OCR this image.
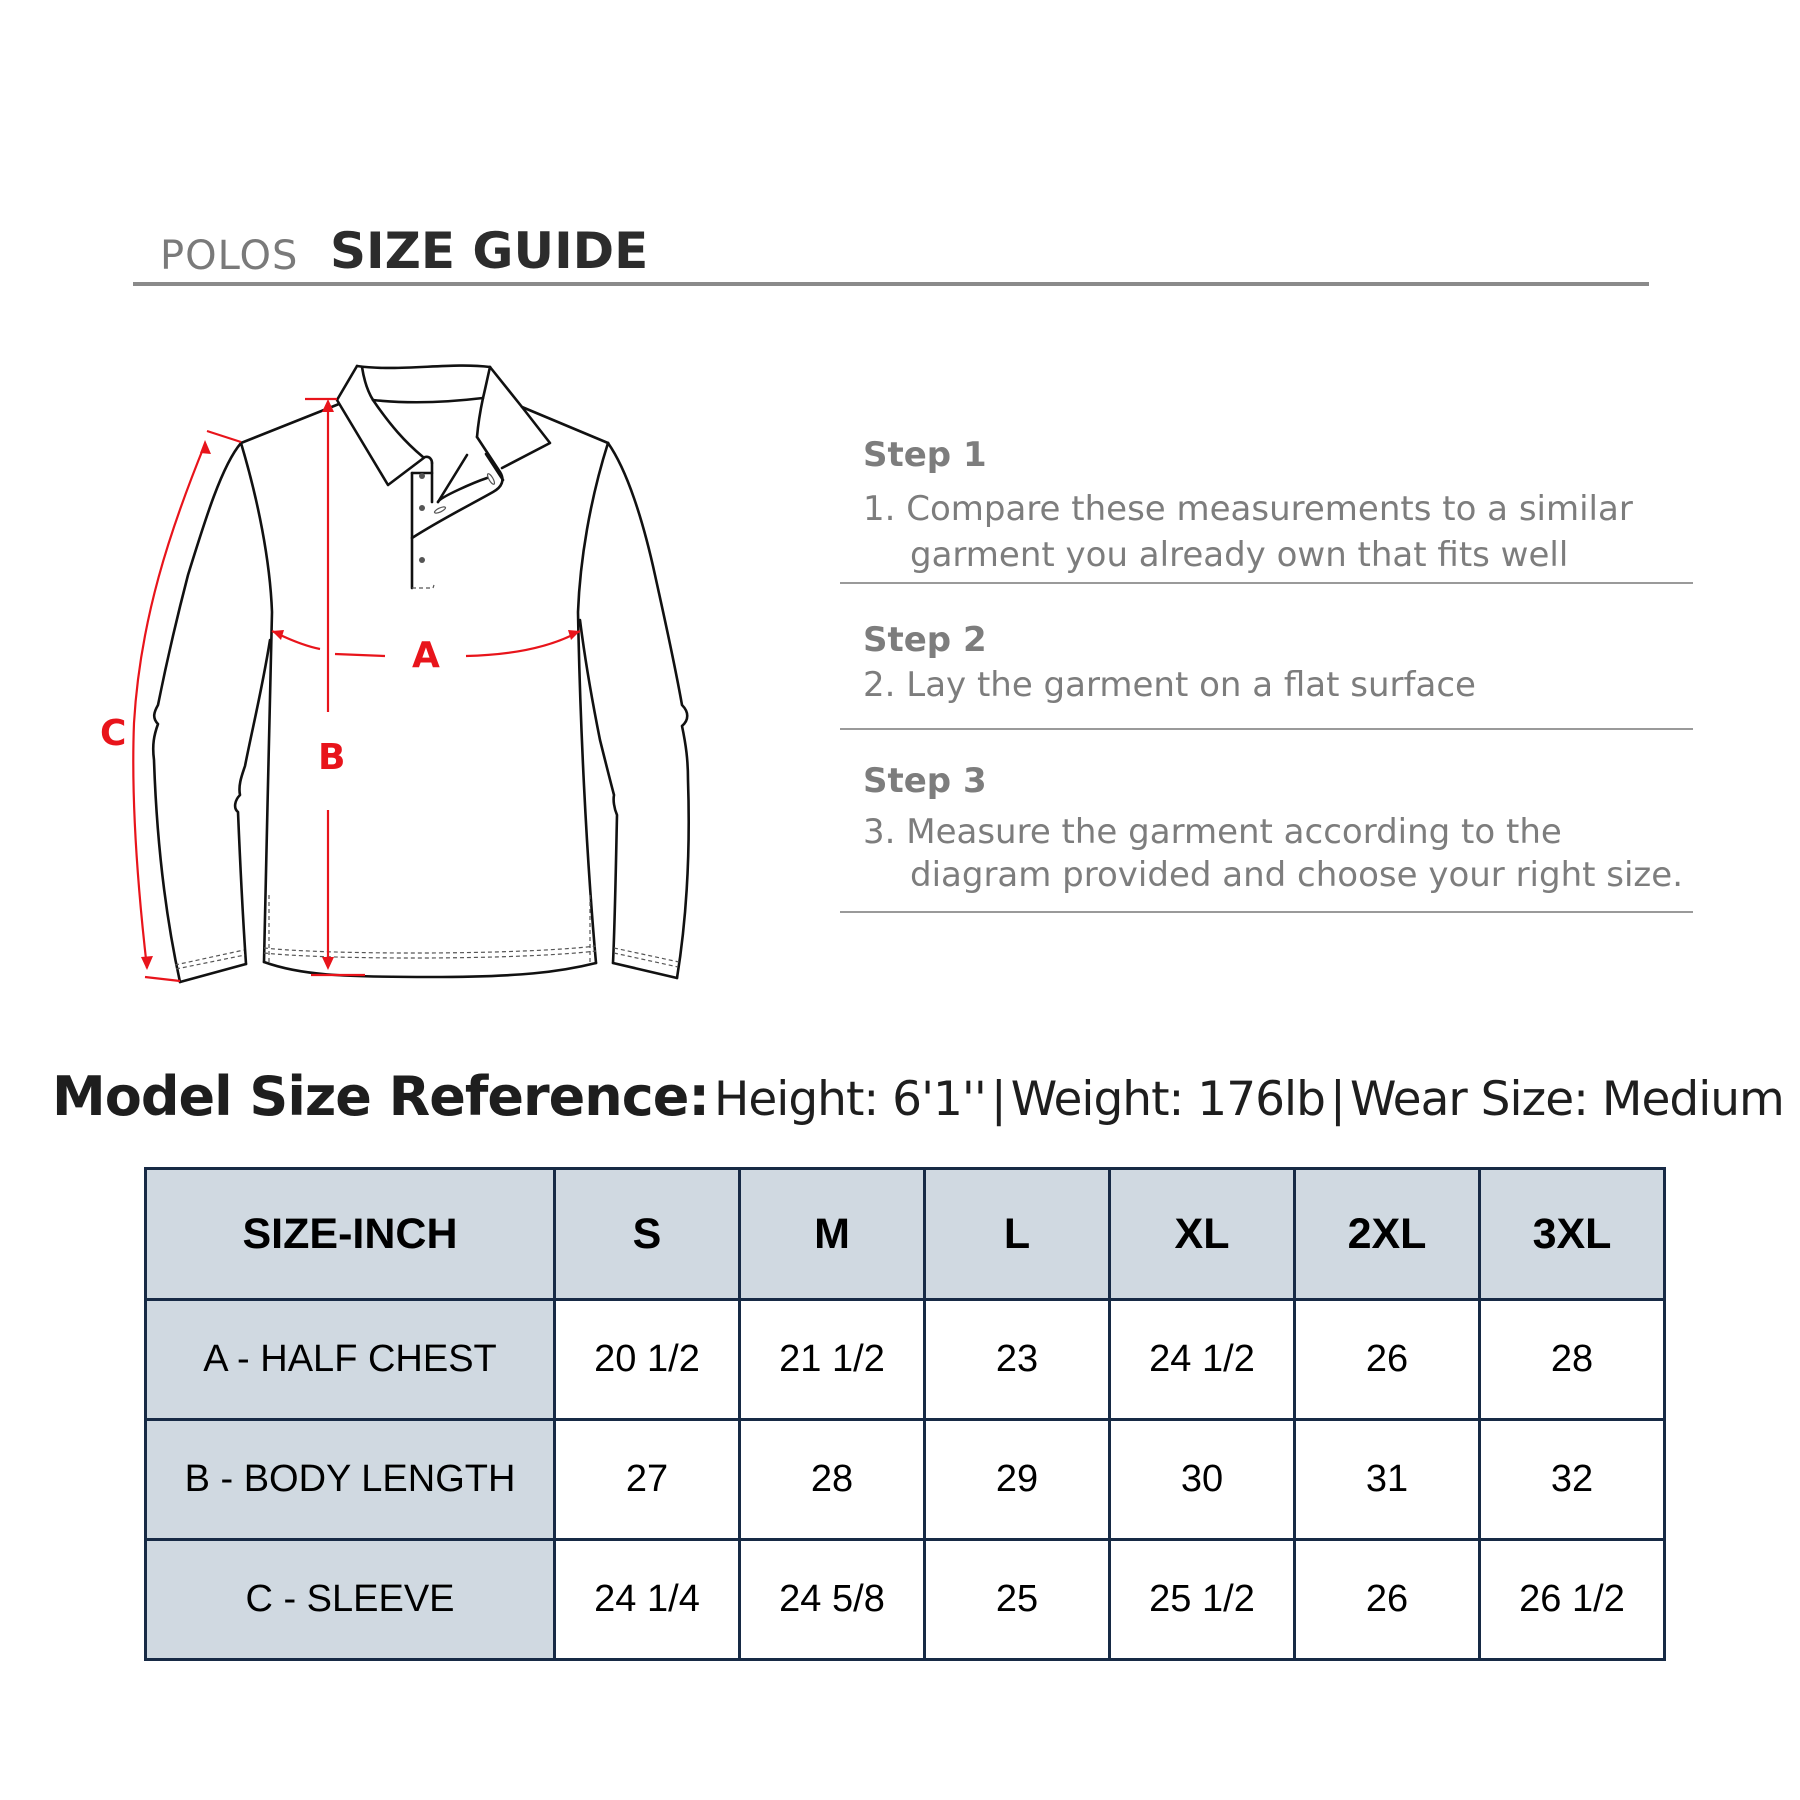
POLOS SIZE GUIDE
A
B
C
Step 1
1. Compare these measurements to a similar
garment you already own that fits well
Step 2
2. Lay the garment on a flat surface
Step 3
3. Measure the garment according to the
diagram provided and choose your right size.
Model Size Reference: Height: 6'1'' | Weight: 176lb | Wear Size: Medium
SIZE-INCH	S	M	L	XL	2XL	3XL
A - HALF CHEST	20 1/2	21 1/2	23	24 1/2	26	28
B - BODY LENGTH	27	28	29	30	31	32
C - SLEEVE	24 1/4	24 5/8	25	25 1/2	26	26 1/2
